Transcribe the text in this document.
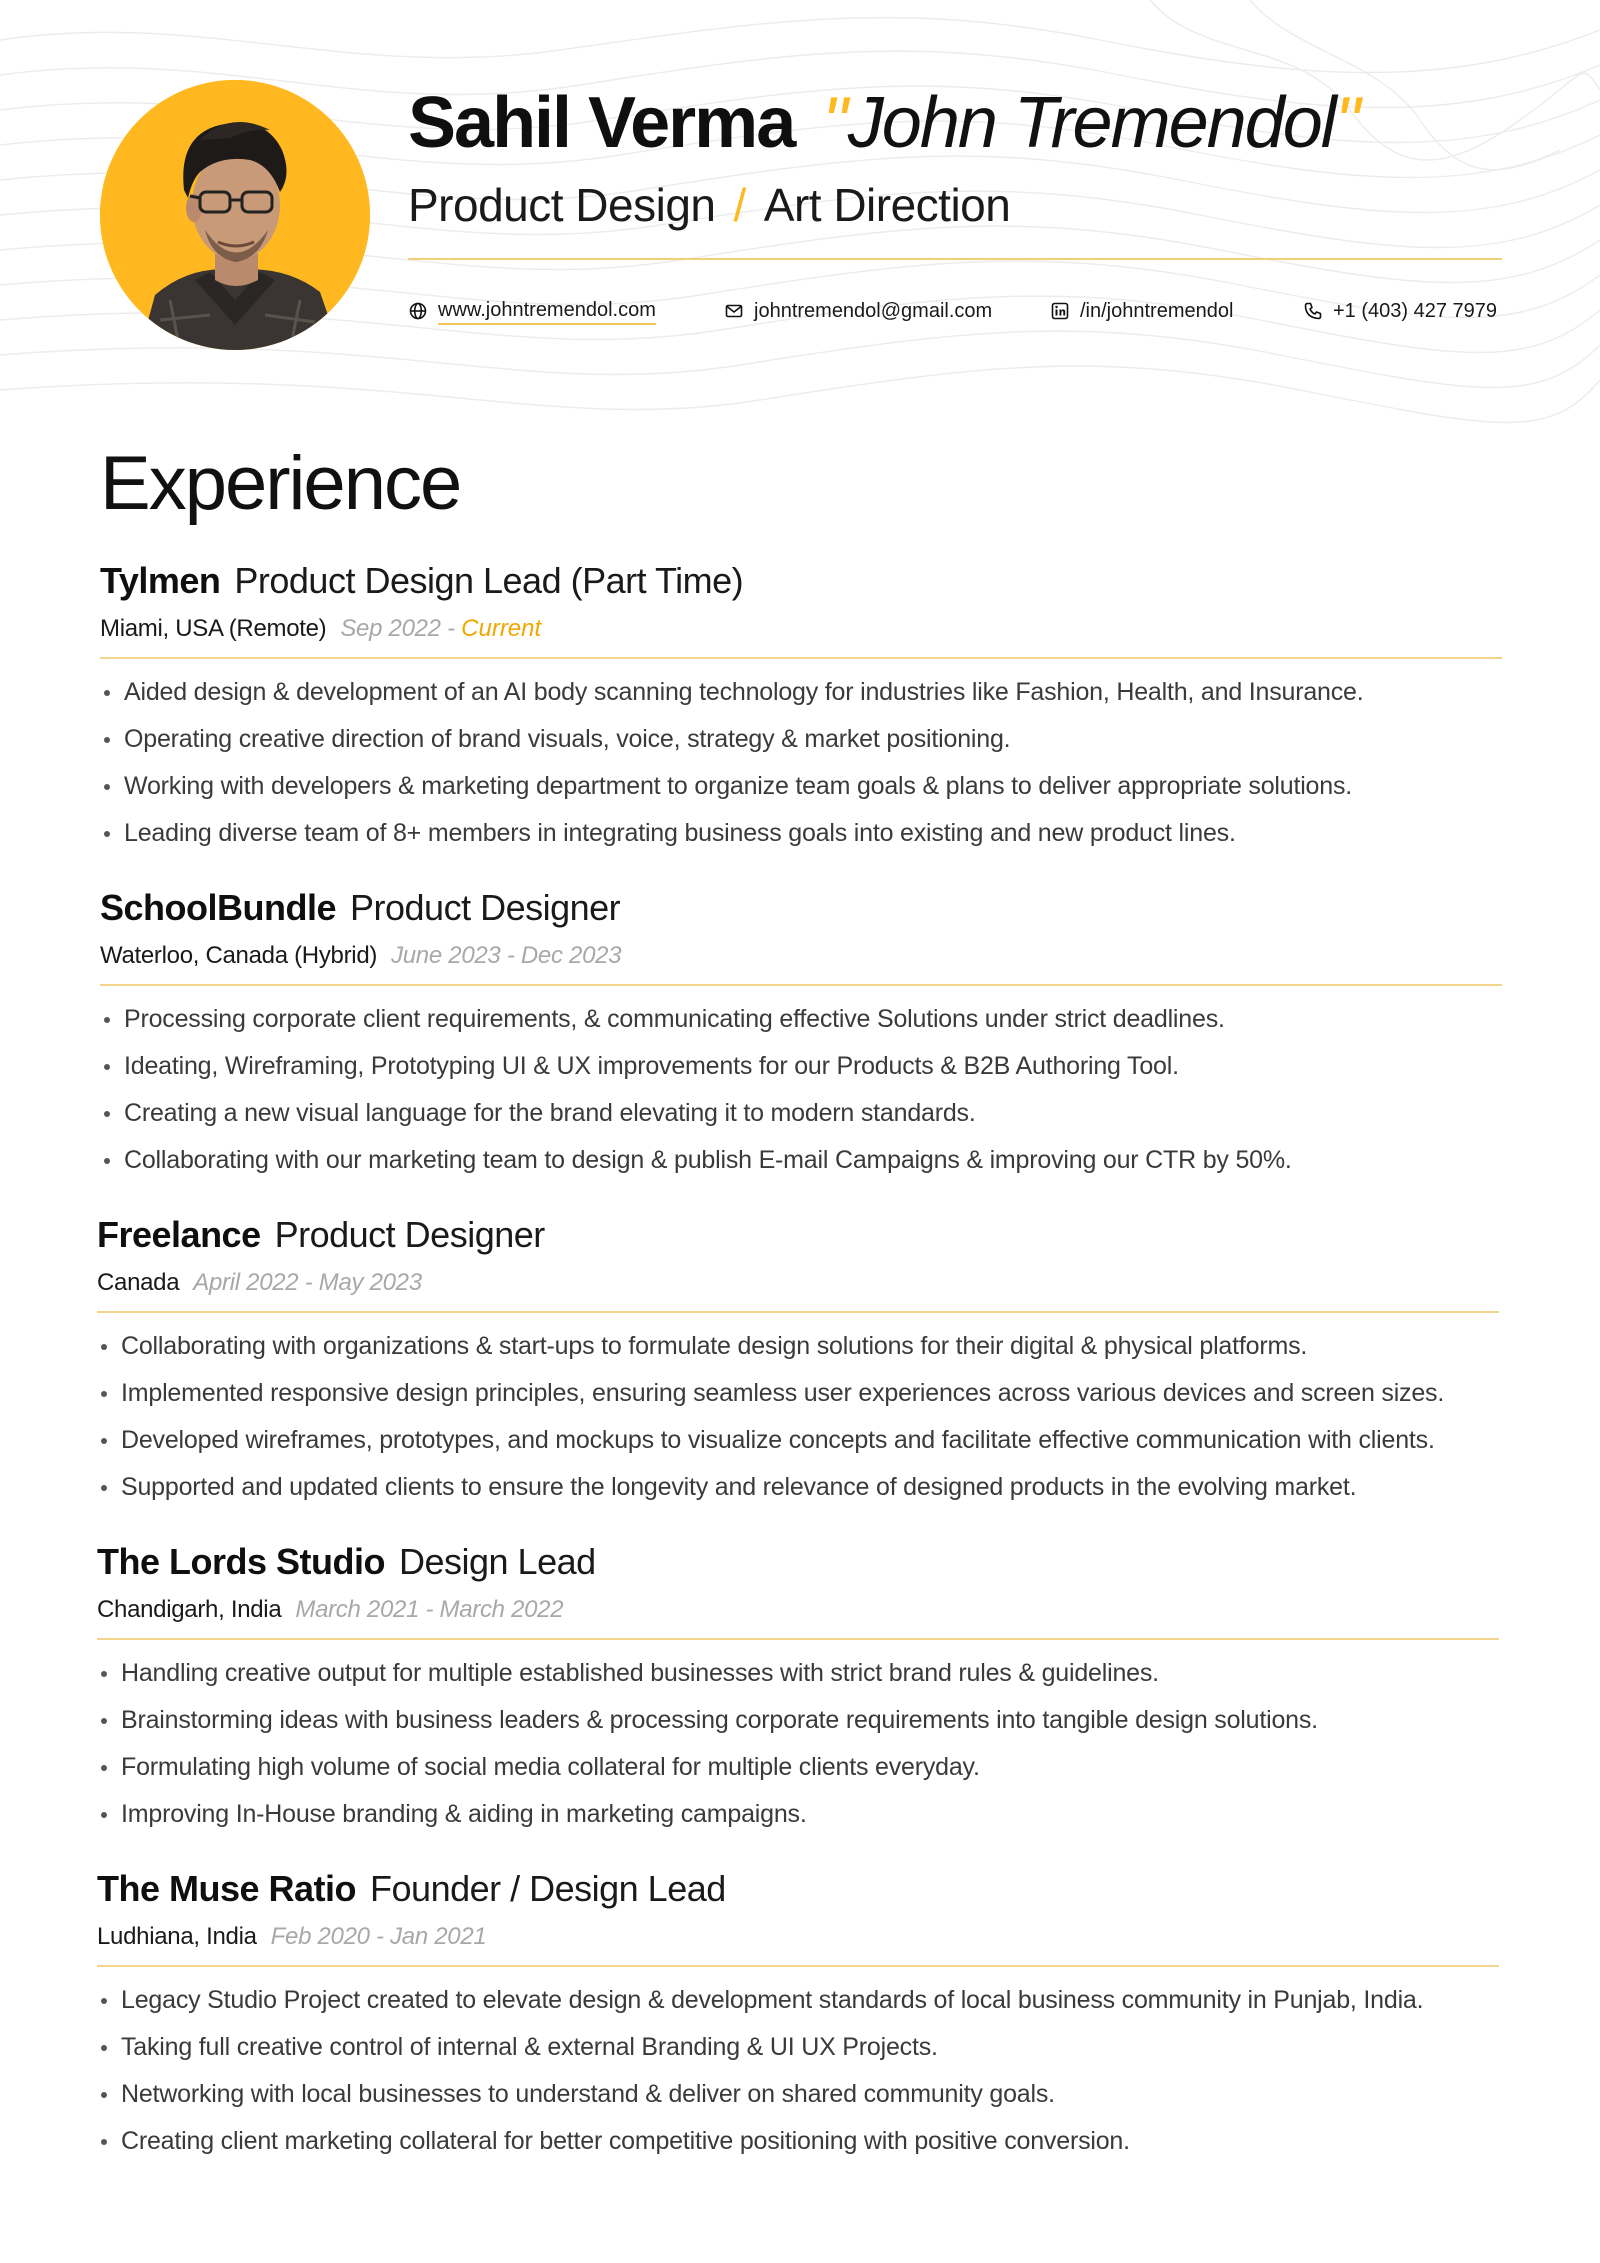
Sahil Verma "John Tremendol"
Product Design / Art Direction
www.johntremendol.com	johntremendol@gmail.com	/in/johntremendol	+1 (403) 427 7979
Experience
Tylmen Product Design Lead (Part Time)
Miami, USA (Remote) Sep 2022 - Current
Aided design & development of an AI body scanning technology for industries like Fashion, Health, and Insurance.
Operating creative direction of brand visuals, voice, strategy & market positioning.
Working with developers & marketing department to organize team goals & plans to deliver appropriate solutions.
Leading diverse team of 8+ members in integrating business goals into existing and new product lines.
SchoolBundle Product Designer
Waterloo, Canada (Hybrid) June 2023 - Dec 2023
Processing corporate client requirements, & communicating effective Solutions under strict deadlines.
Ideating, Wireframing, Prototyping UI & UX improvements for our Products & B2B Authoring Tool.
Creating a new visual language for the brand elevating it to modern standards.
Collaborating with our marketing team to design & publish E-mail Campaigns & improving our CTR by 50%.
Freelance Product Designer
Canada April 2022 - May 2023
Collaborating with organizations & start-ups to formulate design solutions for their digital & physical platforms.
Implemented responsive design principles, ensuring seamless user experiences across various devices and screen sizes.
Developed wireframes, prototypes, and mockups to visualize concepts and facilitate effective communication with clients.
Supported and updated clients to ensure the longevity and relevance of designed products in the evolving market.
The Lords Studio Design Lead
Chandigarh, India March 2021 - March 2022
Handling creative output for multiple established businesses with strict brand rules & guidelines.
Brainstorming ideas with business leaders & processing corporate requirements into tangible design solutions.
Formulating high volume of social media collateral for multiple clients everyday.
Improving In-House branding & aiding in marketing campaigns.
The Muse Ratio Founder / Design Lead
Ludhiana, India Feb 2020 - Jan 2021
Legacy Studio Project created to elevate design & development standards of local business community in Punjab, India.
Taking full creative control of internal & external Branding & UI UX Projects.
Networking with local businesses to understand & deliver on shared community goals.
Creating client marketing collateral for better competitive positioning with positive conversion.
